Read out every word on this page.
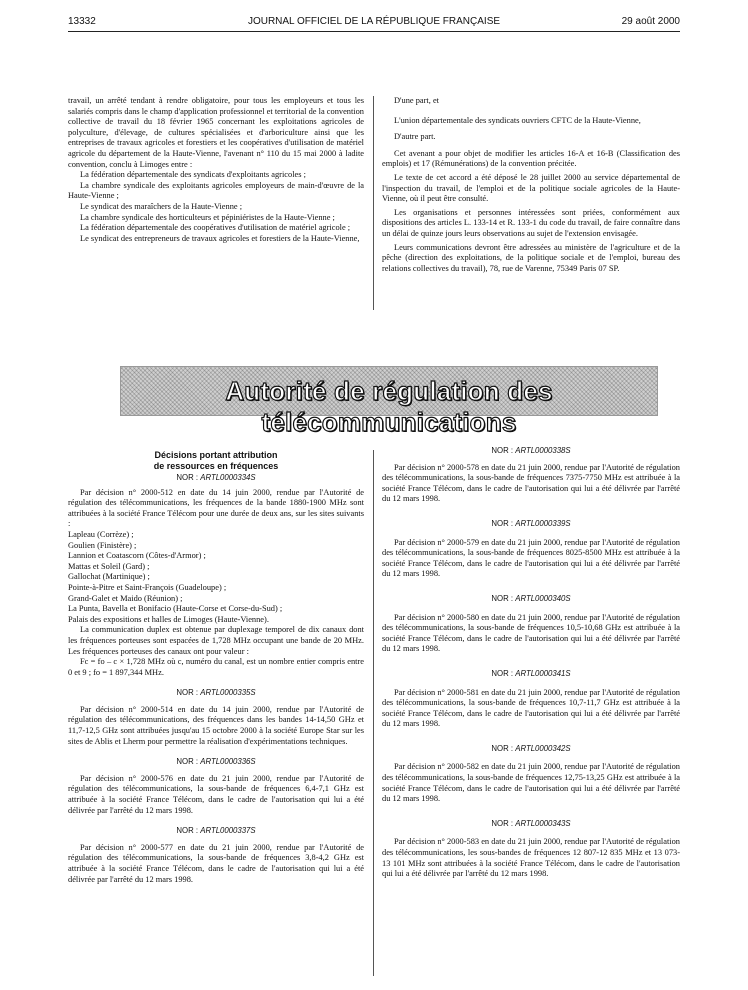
13332	JOURNAL OFFICIEL DE LA RÉPUBLIQUE FRANÇAISE	29 août 2000

travail, un arrêté tendant à rendre obligatoire, pour tous les employeurs et tous les salariés compris dans le champ d'application professionnel et territorial de la convention collective de travail du 18 février 1965 concernant les exploitations agricoles de polyculture, d'élevage, de cultures spécialisées et d'arboriculture ainsi que les entreprises de travaux agricoles et forestiers et les coopératives d'utilisation de matériel agricole du département de la Haute-Vienne, l'avenant n° 110 du 15 mai 2000 à ladite convention, conclu à Limoges entre :

La fédération départementale des syndicats d'exploitants agricoles ;

La chambre syndicale des exploitants agricoles employeurs de main-d'œuvre de la Haute-Vienne ;

Le syndicat des maraîchers de la Haute-Vienne ;

La chambre syndicale des horticulteurs et pépiniéristes de la Haute-Vienne ;

La fédération départementale des coopératives d'utilisation de matériel agricole ;

Le syndicat des entrepreneurs de travaux agricoles et forestiers de la Haute-Vienne,

D'une part, et

L'union départementale des syndicats ouvriers CFTC de la Haute-Vienne,

D'autre part.

Cet avenant a pour objet de modifier les articles 16-A et 16-B (Classification des emplois) et 17 (Rémunérations) de la convention précitée.

Le texte de cet accord a été déposé le 28 juillet 2000 au service départemental de l'inspection du travail, de l'emploi et de la politique sociale agricoles de la Haute-Vienne, où il peut être consulté.

Les organisations et personnes intéressées sont priées, conformément aux dispositions des articles L. 133-14 et R. 133-1 du code du travail, de faire connaître dans un délai de quinze jours leurs observations au sujet de l'extension envisagée.

Leurs communications devront être adressées au ministère de l'agriculture et de la pêche (direction des exploitations, de la politique sociale et de l'emploi, bureau des relations collectives du travail), 78, rue de Varenne, 75349 Paris 07 SP.

Autorité de régulation des télécommunications

Décisions portant attribution

de ressources en fréquences

NOR : ARTL0000334S

Par décision n° 2000-512 en date du 14 juin 2000, rendue par l'Autorité de régulation des télécommunications, les fréquences de la bande 1880-1900 MHz sont attribuées à la société France Télécom pour une durée de deux ans, sur les sites suivants :

Lapleau (Corrèze) ;

Goulien (Finistère) ;

Lannion et Coatascorn (Côtes-d'Armor) ;

Mattas et Soleil (Gard) ;

Gallochat (Martinique) ;

Pointe-à-Pitre et Saint-François (Guadeloupe) ;

Grand-Galet et Maido (Réunion) ;

La Punta, Bavella et Bonifacio (Haute-Corse et Corse-du-Sud) ;

Palais des expositions et halles de Limoges (Haute-Vienne).

La communication duplex est obtenue par duplexage temporel de dix canaux dont les fréquences porteuses sont espacées de 1,728 MHz occupant une bande de 20 MHz. Les fréquences porteuses des canaux ont pour valeur :

Fc = fo – c × 1,728 MHz où c, numéro du canal, est un nombre entier compris entre 0 et 9 ; fo = 1 897,344 MHz.

NOR : ARTL0000335S

Par décision n° 2000-514 en date du 14 juin 2000, rendue par l'Autorité de régulation des télécommunications, des fréquences dans les bandes 14-14,50 GHz et 11,7-12,5 GHz sont attribuées jusqu'au 15 octobre 2000 à la société Europe Star sur les sites de Ablis et Lherm pour permettre la réalisation d'expérimentations techniques.

NOR : ARTL0000336S

Par décision n° 2000-576 en date du 21 juin 2000, rendue par l'Autorité de régulation des télécommunications, la sous-bande de fréquences 6,4-7,1 GHz est attribuée à la société France Télécom, dans le cadre de l'autorisation qui lui a été délivrée par l'arrêté du 12 mars 1998.

NOR : ARTL0000337S

Par décision n° 2000-577 en date du 21 juin 2000, rendue par l'Autorité de régulation des télécommunications, la sous-bande de fréquences 3,8-4,2 GHz est attribuée à la société France Télécom, dans le cadre de l'autorisation qui lui a été délivrée par l'arrêté du 12 mars 1998.

NOR : ARTL0000338S

Par décision n° 2000-578 en date du 21 juin 2000, rendue par l'Autorité de régulation des télécommunications, la sous-bande de fréquences 7375-7750 MHz est attribuée à la société France Télécom, dans le cadre de l'autorisation qui lui a été délivrée par l'arrêté du 12 mars 1998.

NOR : ARTL0000339S

Par décision n° 2000-579 en date du 21 juin 2000, rendue par l'Autorité de régulation des télécommunications, la sous-bande de fréquences 8025-8500 MHz est attribuée à la société France Télécom, dans le cadre de l'autorisation qui lui a été délivrée par l'arrêté du 12 mars 1998.

NOR : ARTL0000340S

Par décision n° 2000-580 en date du 21 juin 2000, rendue par l'Autorité de régulation des télécommunications, la sous-bande de fréquences 10,5-10,68 GHz est attribuée à la société France Télécom, dans le cadre de l'autorisation qui lui a été délivrée par l'arrêté du 12 mars 1998.

NOR : ARTL0000341S

Par décision n° 2000-581 en date du 21 juin 2000, rendue par l'Autorité de régulation des télécommunications, la sous-bande de fréquences 10,7-11,7 GHz est attribuée à la société France Télécom, dans le cadre de l'autorisation qui lui a été délivrée par l'arrêté du 12 mars 1998.

NOR : ARTL0000342S

Par décision n° 2000-582 en date du 21 juin 2000, rendue par l'Autorité de régulation des télécommunications, la sous-bande de fréquences 12,75-13,25 GHz est attribuée à la société France Télécom, dans le cadre de l'autorisation qui lui a été délivrée par l'arrêté du 12 mars 1998.

NOR : ARTL0000343S

Par décision n° 2000-583 en date du 21 juin 2000, rendue par l'Autorité de régulation des télécommunications, les sous-bandes de fréquences 12 807-12 835 MHz et 13 073-13 101 MHz sont attribuées à la société France Télécom, dans le cadre de l'autorisation qui lui a été délivrée par l'arrêté du 12 mars 1998.
